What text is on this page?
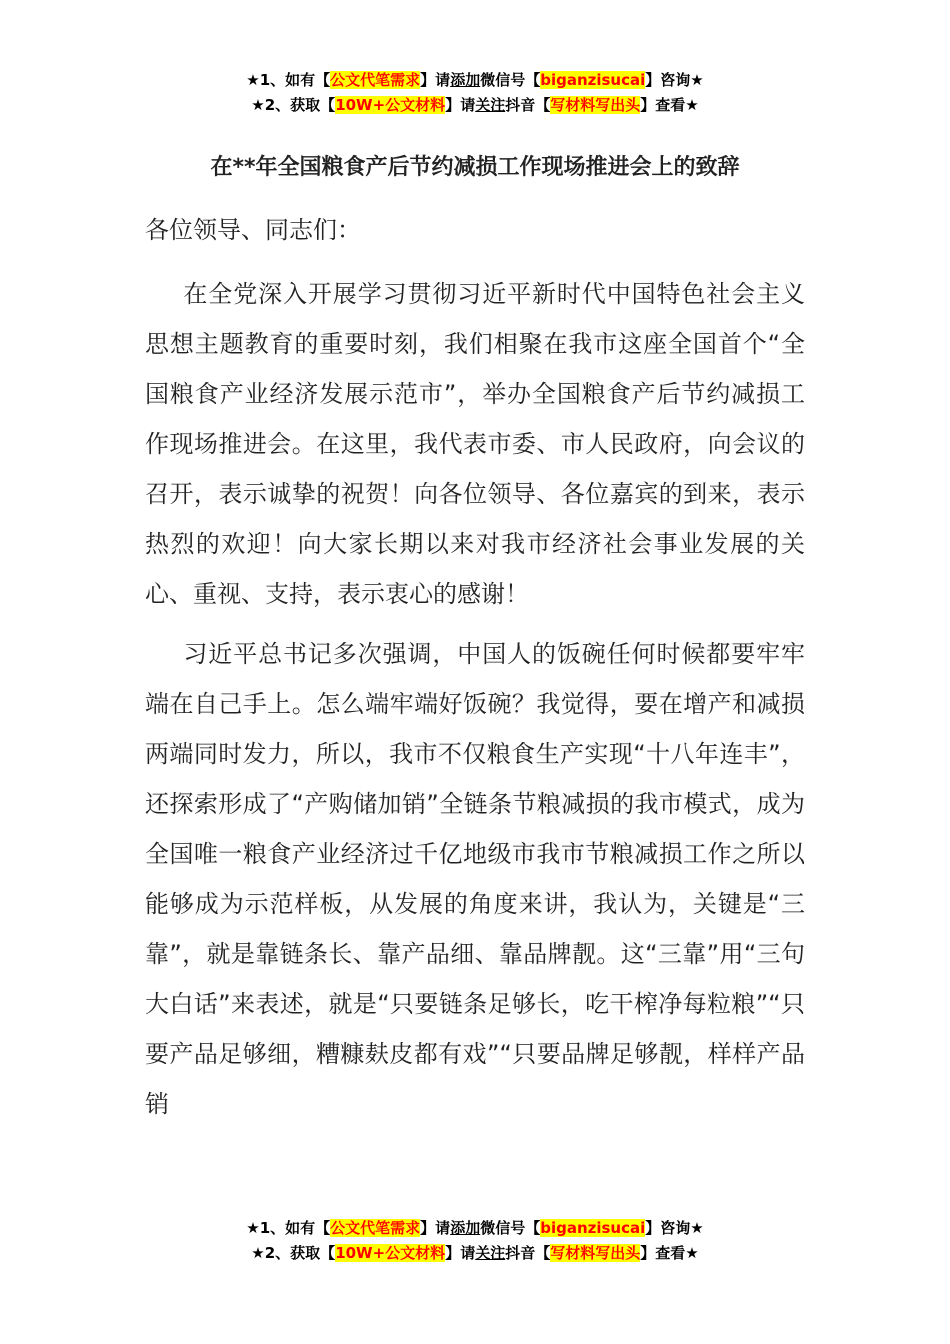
★1、如有【公文代笔需求】请添加微信号【biganzisucai】咨询★
★2、获取【10W+公文材料】请关注抖音【写材料写出头】查看★
在**年全国粮食产后节约减损工作现场推进会上的致辞
各位领导、同志们：
在全党深入开展学习贯彻习近平新时代中国特色社会主义思想主题教育的重要时刻，我们相聚在我市这座全国首个“全国粮食产业经济发展示范市”，举办全国粮食产后节约减损工作现场推进会。在这里，我代表市委、市人民政府，向会议的召开，表示诚挚的祝贺！向各位领导、各位嘉宾的到来，表示热烈的欢迎！向大家长期以来对我市经济社会事业发展的关心、重视、支持，表示衷心的感谢！
习近平总书记多次强调，中国人的饭碗任何时候都要牢牢端在自己手上。怎么端牢端好饭碗？我觉得，要在增产和减损两端同时发力，所以，我市不仅粮食生产实现“十八年连丰”，还探索形成了“产购储加销”全链条节粮减损的我市模式，成为全国唯一粮食产业经济过千亿地级市我市节粮减损工作之所以能够成为示范样板，从发展的角度来讲，我认为，关键是“三靠”，就是靠链条长、靠产品细、靠品牌靓。这“三靠”用“三句大白话”来表述，就是“只要链条足够长，吃干榨净每粒粮”“只要产品足够细，糟糠麸皮都有戏”“只要品牌足够靓，样样产品销
★1、如有【公文代笔需求】请添加微信号【biganzisucai】咨询★
★2、获取【10W+公文材料】请关注抖音【写材料写出头】查看★
